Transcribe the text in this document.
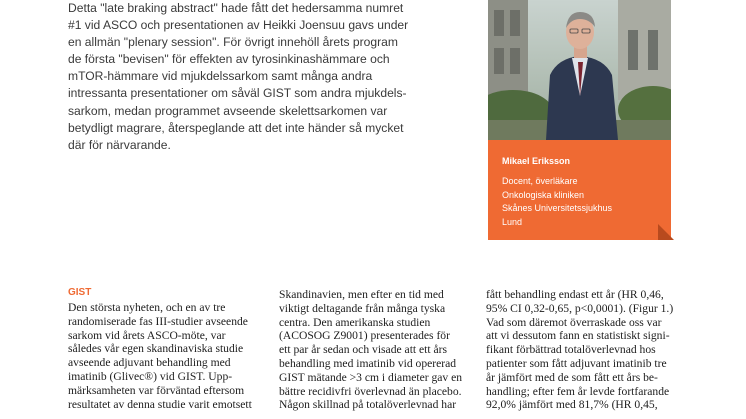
Detta "late braking abstract" hade fått det hedersamma numret

#1 vid ASCO och presentationen av Heikki Joensuu gavs under

en allmän "plenary session". För övrigt innehöll årets program

de första "bevisen" för effekten av tyrosinkinashämmare och

mTOR-hämmare vid mjukdelssarkom samt många andra

intressanta presentationer om såväl GIST som andra mjukdels-

sarkom, medan programmet avseende skelettsarkomen var

betydligt magrare, återspeglande att det inte händer så mycket

där för närvarande.

Mikael Eriksson
Docent, överläkare
Onkologiska kliniken
Skånes Universitetssjukhus
Lund
GIST
Den största nyheten, och en av tre
randomiserade fas III-studier avseende
sarkom vid årets ASCO-möte, var
således vår egen skandinaviska studie
avseende adjuvant behandling med
imatinib (Glivec®) vid GIST. Upp-
märksamheten var förväntad eftersom
resultatet av denna studie varit emotsett
Skandinavien, men efter en tid med
viktigt deltagande från många tyska
centra. Den amerikanska studien
(ACOSOG Z9001) presenterades för
ett par år sedan och visade att ett års
behandling med imatinib vid opererad
GIST mätande >3 cm i diameter gav en
bättre recidivfri överlevnad än placebo.
Någon skillnad på totalöverlevnad har
fått behandling endast ett år (HR 0,46,
95% CI 0,32-0,65, p<0,0001). (Figur 1.)
Vad som däremot överraskade oss var
att vi dessutom fann en statistiskt signi-
fikant förbättrad totalöverlevnad hos
patienter som fått adjuvant imatinib tre
år jämfört med de som fått ett års be-
handling; efter fem år levde fortfarande
92,0% jämfört med 81,7% (HR 0,45,
